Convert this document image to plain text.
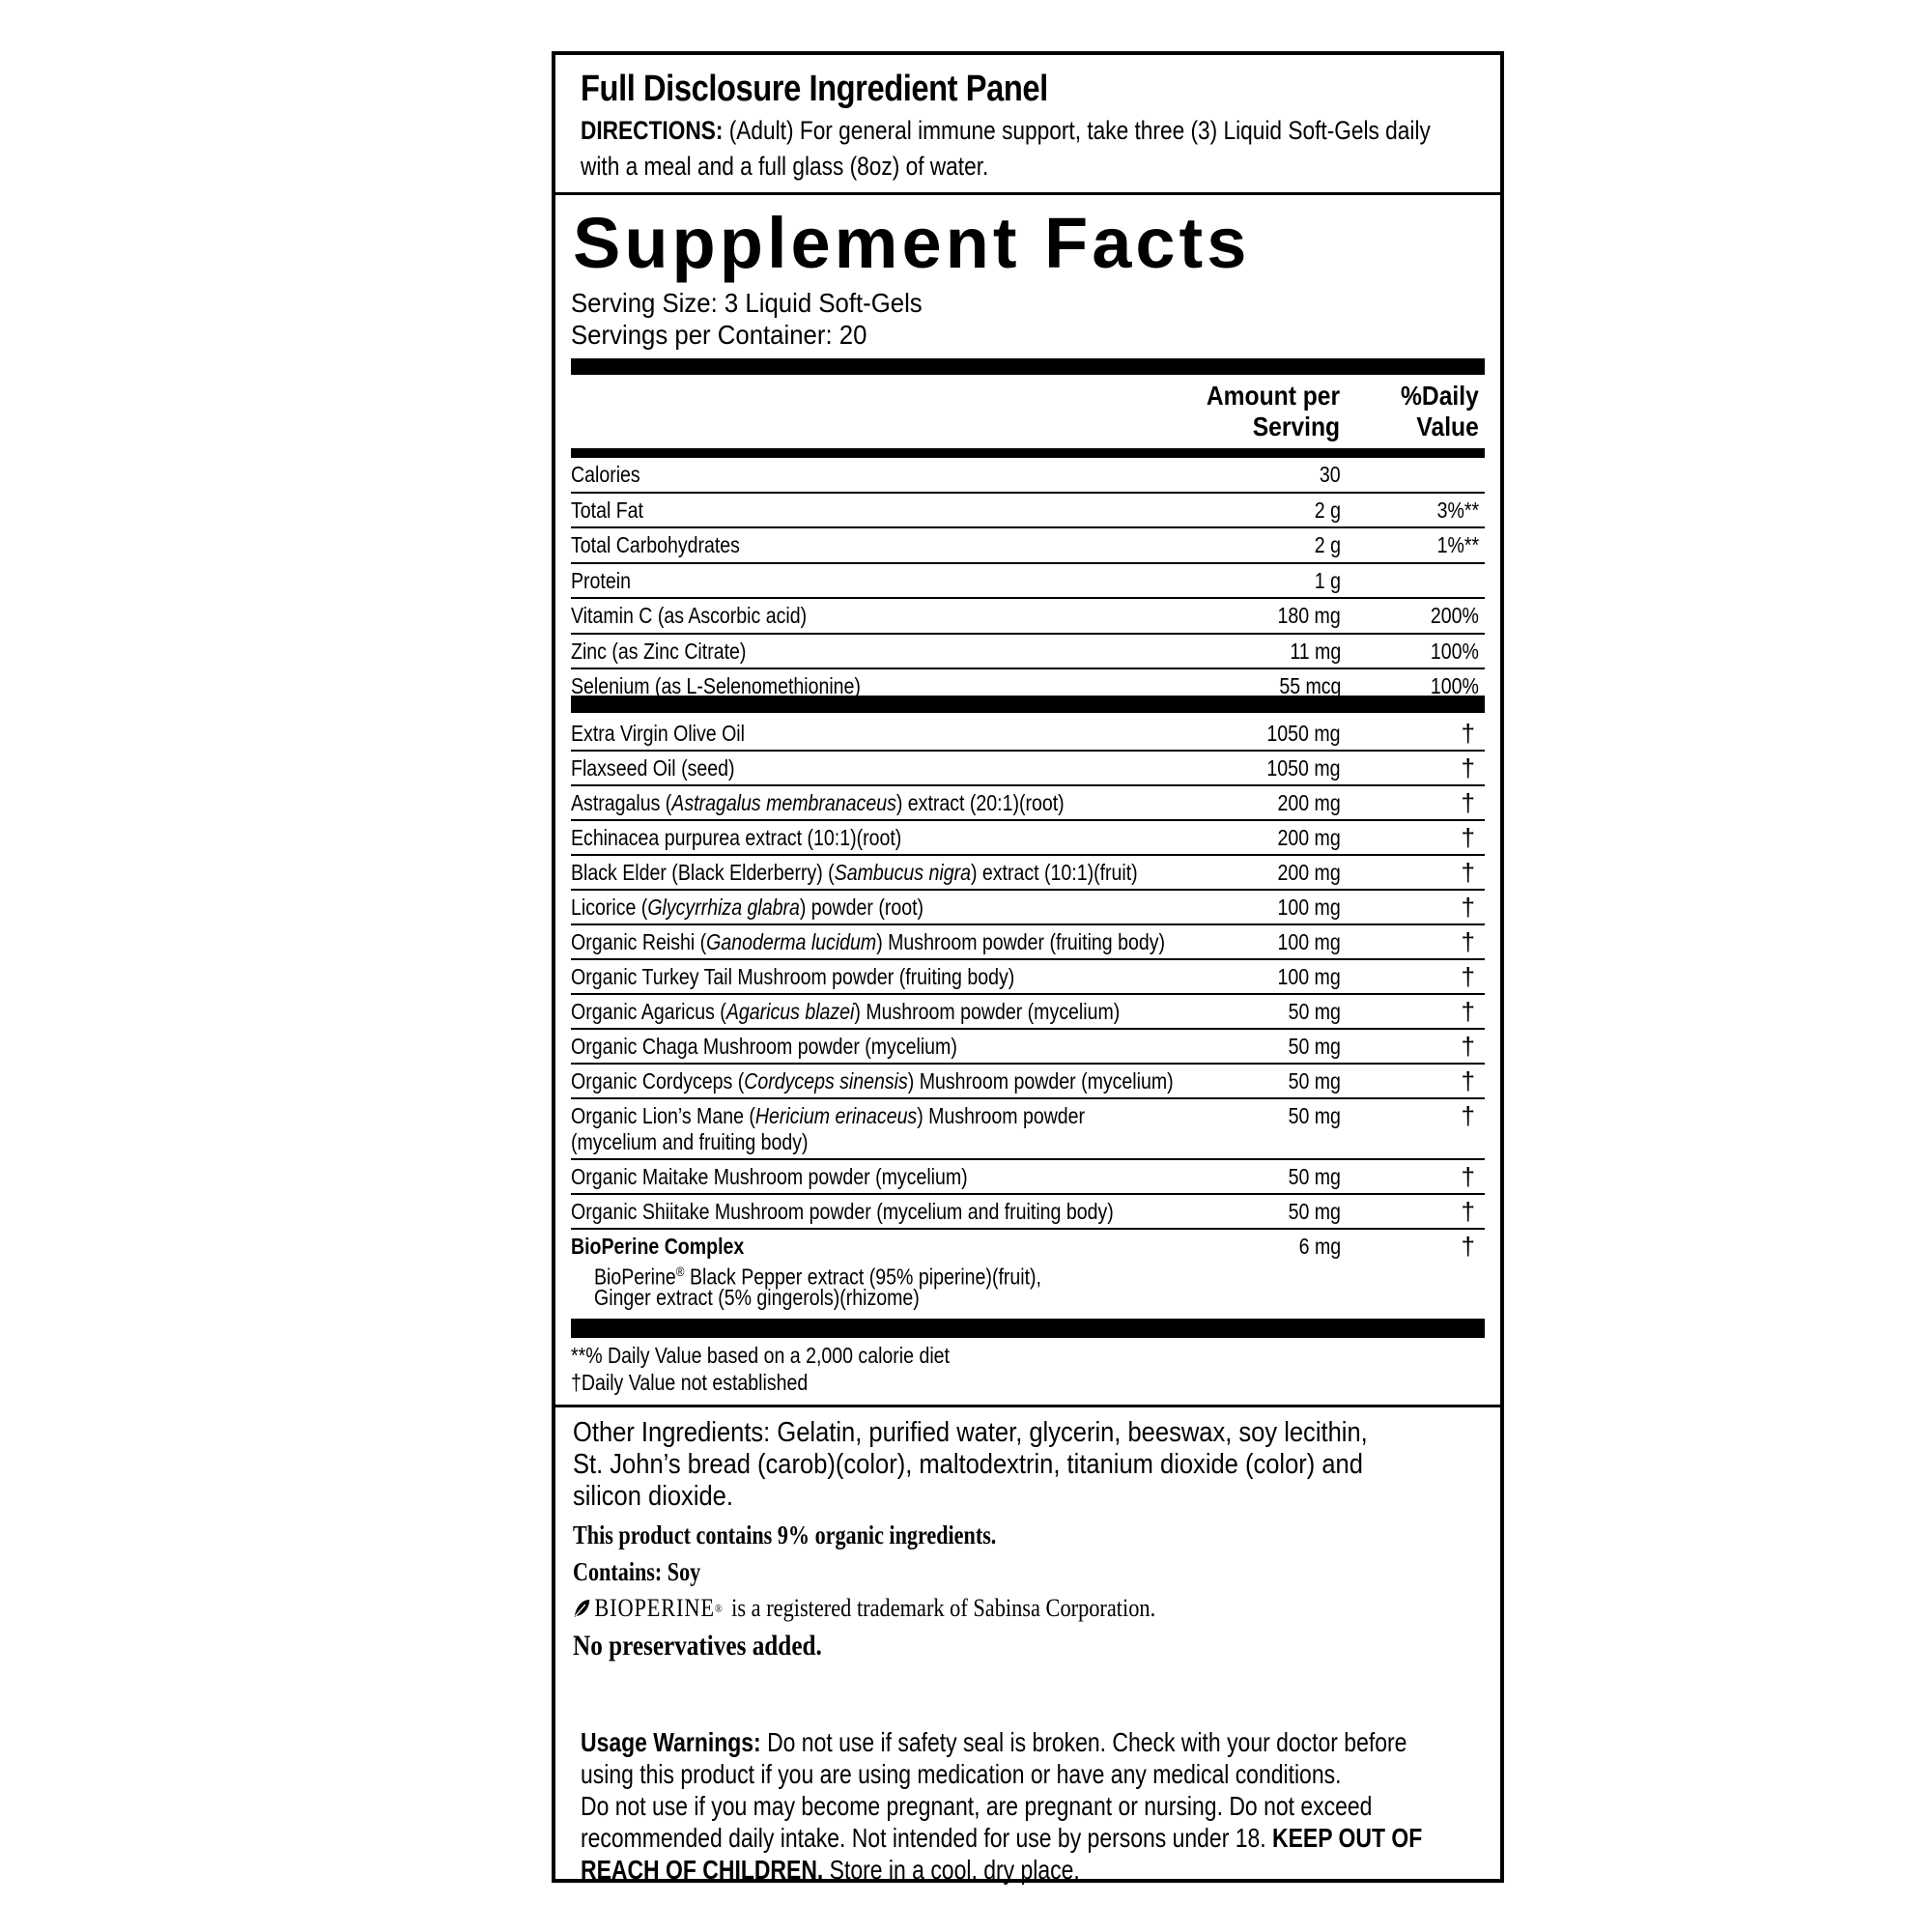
Full Disclosure Ingredient Panel
DIRECTIONS: (Adult) For general immune support, take three (3) Liquid Soft-Gels daily
with a meal and a full glass (8oz) of water.
Supplement Facts
Serving Size: 3 Liquid Soft-Gels
Servings per Container: 20
Amount per
Serving
%Daily
Value
Calories	30
Total Fat	2 g	3%**
Total Carbohydrates	2 g	1%**
Protein	1 g
Vitamin C (as Ascorbic acid)	180 mg	200%
Zinc (as Zinc Citrate)	11 mg	100%
Selenium (as L-Selenomethionine)	55 mcg	100%
Extra Virgin Olive Oil	1050 mg	†
Flaxseed Oil (seed)	1050 mg	†
Astragalus (Astragalus membranaceus) extract (20:1)(root)	200 mg	†
Echinacea purpurea extract (10:1)(root)	200 mg	†
Black Elder (Black Elderberry) (Sambucus nigra) extract (10:1)(fruit)	200 mg	†
Licorice (Glycyrrhiza glabra) powder (root)	100 mg	†
Organic Reishi (Ganoderma lucidum) Mushroom powder (fruiting body)	100 mg	†
Organic Turkey Tail Mushroom powder (fruiting body)	100 mg	†
Organic Agaricus (Agaricus blazei) Mushroom powder (mycelium)	50 mg	†
Organic Chaga Mushroom powder (mycelium)	50 mg	†
Organic Cordyceps (Cordyceps sinensis) Mushroom powder (mycelium)	50 mg	†
Organic Lion’s Mane (Hericium erinaceus) Mushroom powder
(mycelium and fruiting body)
50 mg	†
Organic Maitake Mushroom powder (mycelium)	50 mg	†
Organic Shiitake Mushroom powder (mycelium and fruiting body)	50 mg	†
BioPerine Complex	6 mg	†
BioPerine® Black Pepper extract (95% piperine)(fruit),
Ginger extract (5% gingerols)(rhizome)
**% Daily Value based on a 2,000 calorie diet
†Daily Value not established
Other Ingredients: Gelatin, purified water, glycerin, beeswax, soy lecithin,
St. John’s bread (carob)(color), maltodextrin, titanium dioxide (color) and
silicon dioxide.
This product contains 9% organic ingredients.
Contains: Soy
BIOPERINE ® is a registered trademark of Sabinsa Corporation.
No preservatives added.
Usage Warnings: Do not use if safety seal is broken. Check with your doctor before
using this product if you are using medication or have any medical conditions.
Do not use if you may become pregnant, are pregnant or nursing. Do not exceed
recommended daily intake. Not intended for use by persons under 18. KEEP OUT OF
REACH OF CHILDREN. Store in a cool, dry place.
